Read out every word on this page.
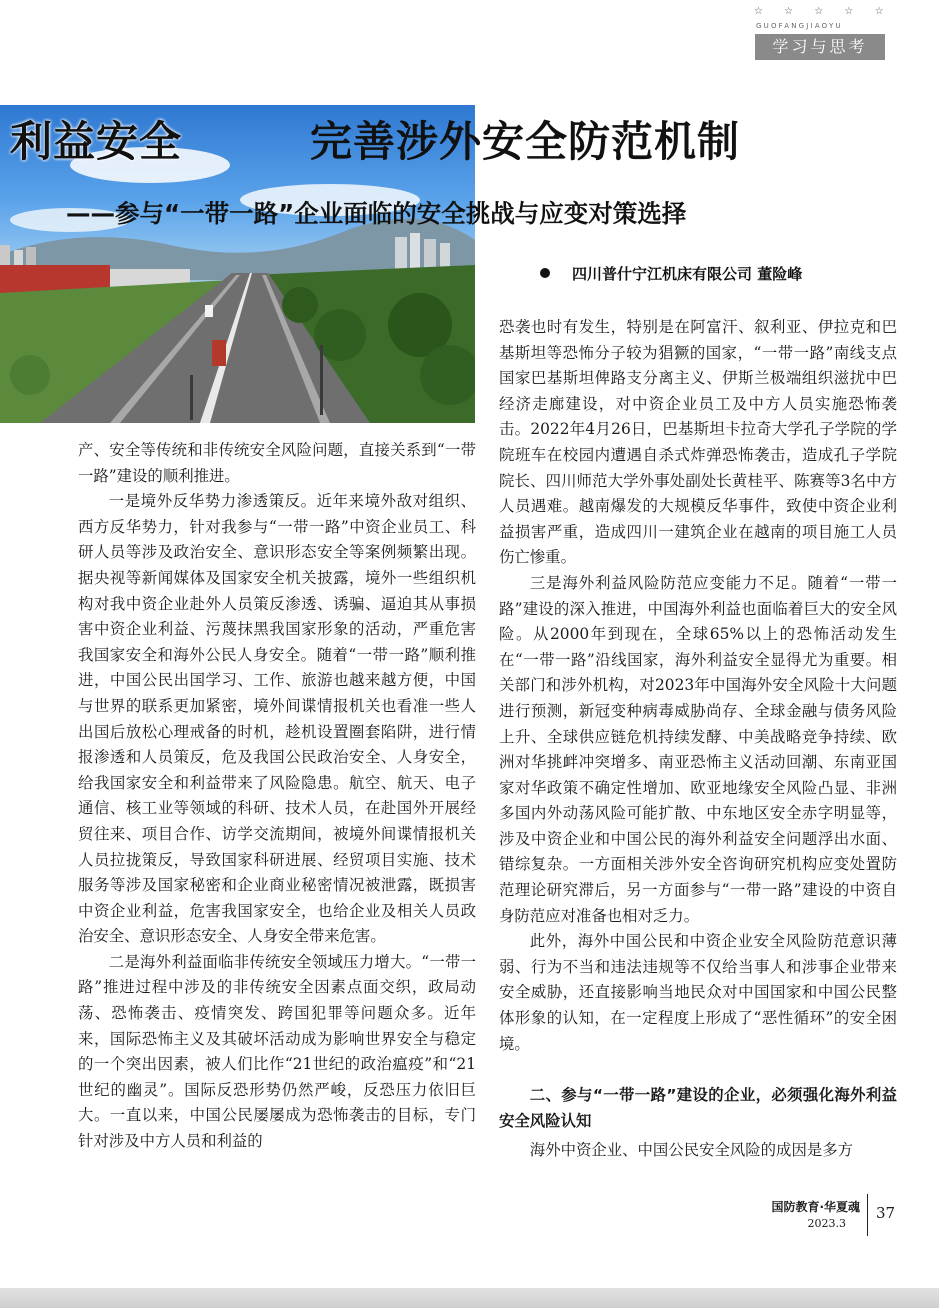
☆ ☆ ☆ ☆ ☆
GUOFANGJIAOYU
学习与思考
利益安全	完善涉外安全防范机制
——参与“一带一路”企业面临的安全挑战与应变对策选择
四川普什宁江机床有限公司 董险峰

产、安全等传统和非传统安全风险问题，直接关系到“一带一路”建设的顺利推进。

一是境外反华势力渗透策反。近年来境外敌对组织、西方反华势力，针对我参与“一带一路”中资企业员工、科研人员等涉及政治安全、意识形态安全等案例频繁出现。据央视等新闻媒体及国家安全机关披露，境外一些组织机构对我中资企业赴外人员策反渗透、诱骗、逼迫其从事损害中资企业利益、污蔑抹黑我国家形象的活动，严重危害我国家安全和海外公民人身安全。随着“一带一路”顺利推进，中国公民出国学习、工作、旅游也越来越方便，中国与世界的联系更加紧密，境外间谍情报机关也看准一些人出国后放松心理戒备的时机，趁机设置圈套陷阱，进行情报渗透和人员策反，危及我国公民政治安全、人身安全，给我国家安全和利益带来了风险隐患。航空、航天、电子通信、核工业等领域的科研、技术人员，在赴国外开展经贸往来、项目合作、访学交流期间，被境外间谍情报机关人员拉拢策反，导致国家科研进展、经贸项目实施、技术服务等涉及国家秘密和企业商业秘密情况被泄露，既损害中资企业利益，危害我国家安全，也给企业及相关人员政治安全、意识形态安全、人身安全带来危害。

二是海外利益面临非传统安全领域压力增大。“一带一路”推进过程中涉及的非传统安全因素点面交织，政局动荡、恐怖袭击、疫情突发、跨国犯罪等问题众多。近年来，国际恐怖主义及其破坏活动成为影响世界安全与稳定的一个突出因素，被人们比作“21世纪的政治瘟疫”和“21世纪的幽灵”。国际反恐形势仍然严峻，反恐压力依旧巨大。一直以来，中国公民屡屡成为恐怖袭击的目标，专门针对涉及中方人员和利益的

恐袭也时有发生，特别是在阿富汗、叙利亚、伊拉克和巴基斯坦等恐怖分子较为猖獗的国家，“一带一路”南线支点国家巴基斯坦俾路支分离主义、伊斯兰极端组织滋扰中巴经济走廊建设，对中资企业员工及中方人员实施恐怖袭击。2022年4月26日，巴基斯坦卡拉奇大学孔子学院的学院班车在校园内遭遇自杀式炸弹恐怖袭击，造成孔子学院院长、四川师范大学外事处副处长黄桂平、陈赛等3名中方人员遇难。越南爆发的大规模反华事件，致使中资企业利益损害严重，造成四川一建筑企业在越南的项目施工人员伤亡惨重。

三是海外利益风险防范应变能力不足。随着“一带一路”建设的深入推进，中国海外利益也面临着巨大的安全风险。从2000年到现在，全球65%以上的恐怖活动发生在“一带一路”沿线国家，海外利益安全显得尤为重要。相关部门和涉外机构，对2023年中国海外安全风险十大问题进行预测，新冠变种病毒威胁尚存、全球金融与债务风险上升、全球供应链危机持续发酵、中美战略竞争持续、欧洲对华挑衅冲突增多、南亚恐怖主义活动回潮、东南亚国家对华政策不确定性增加、欧亚地缘安全风险凸显、非洲多国内外动荡风险可能扩散、中东地区安全赤字明显等，涉及中资企业和中国公民的海外利益安全问题浮出水面、错综复杂。一方面相关涉外安全咨询研究机构应变处置防范理论研究滞后，另一方面参与“一带一路”建设的中资自身防范应对准备也相对乏力。

此外，海外中国公民和中资企业安全风险防范意识薄弱、行为不当和违法违规等不仅给当事人和涉事企业带来安全威胁，还直接影响当地民众对中国国家和中国公民整体形象的认知，在一定程度上形成了“恶性循环”的安全困境。

二、参与“一带一路”建设的企业，必须强化海外利益安全风险认知

海外中资企业、中国公民安全风险的成因是多方

国防教育·华夏魂
2023.3
37
